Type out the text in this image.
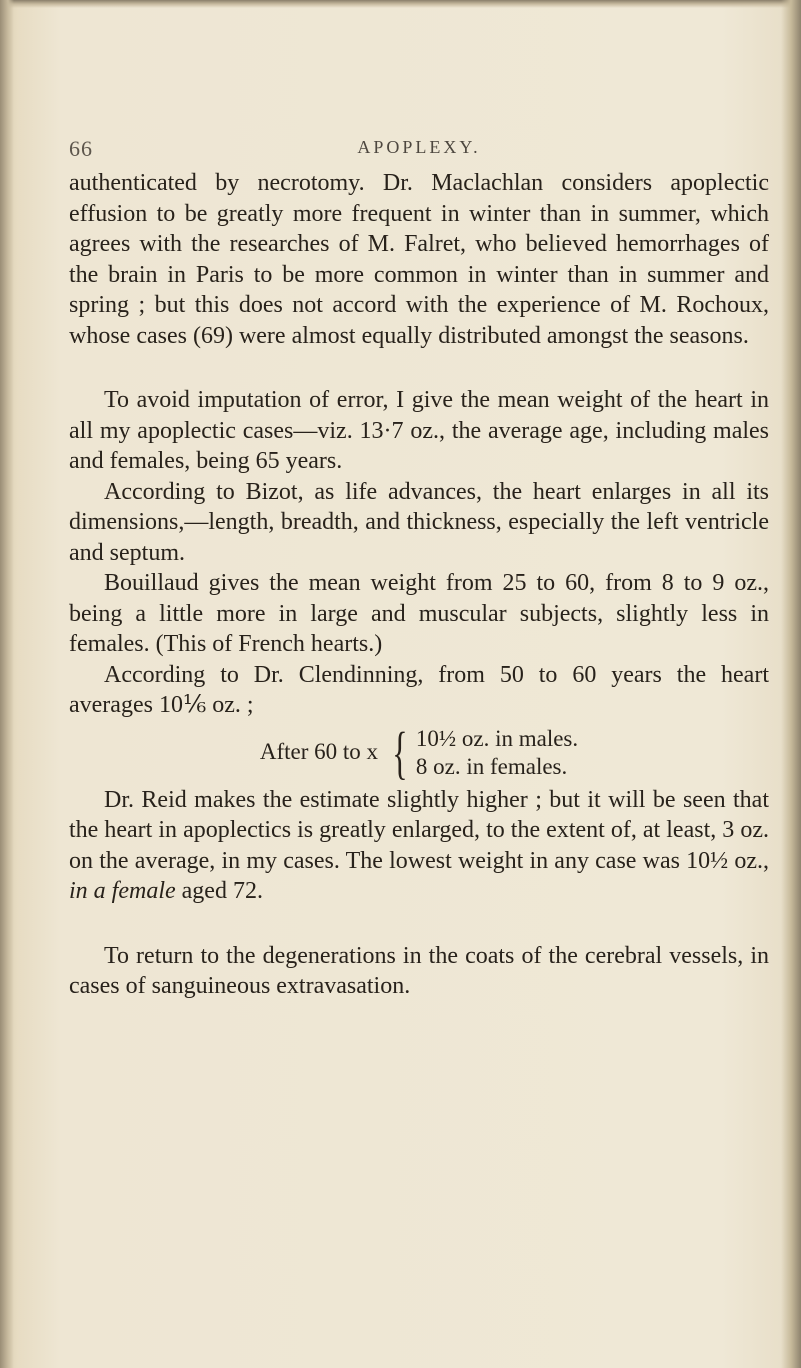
66	APOPLEXY.

authenticated by necrotomy. Dr. Maclachlan considers apoplectic effusion to be greatly more frequent in winter than in summer, which agrees with the researches of M. Falret, who believed hemorrhages of the brain in Paris to be more common in winter than in summer and spring ; but this does not accord with the experience of M. Rochoux, whose cases (69) were almost equally distributed amongst the seasons.

To avoid imputation of error, I give the mean weight of the heart in all my apoplectic cases—viz. 13·7 oz., the average age, including males and females, being 65 years.

According to Bizot, as life advances, the heart enlarges in all its dimensions,—length, breadth, and thickness, especially the left ventricle and septum.

Bouillaud gives the mean weight from 25 to 60, from 8 to 9 oz., being a little more in large and muscular subjects, slightly less in females. (This of French hearts.)

According to Dr. Clendinning, from 50 to 60 years the heart averages 10⅙ oz. ;

After 60 to x { 10½ oz. in males.
8 oz. in females.

Dr. Reid makes the estimate slightly higher ; but it will be seen that the heart in apoplectics is greatly enlarged, to the extent of, at least, 3 oz. on the average, in my cases. The lowest weight in any case was 10½ oz., in a female aged 72.

To return to the degenerations in the coats of the cerebral vessels, in cases of sanguineous extravasation.
